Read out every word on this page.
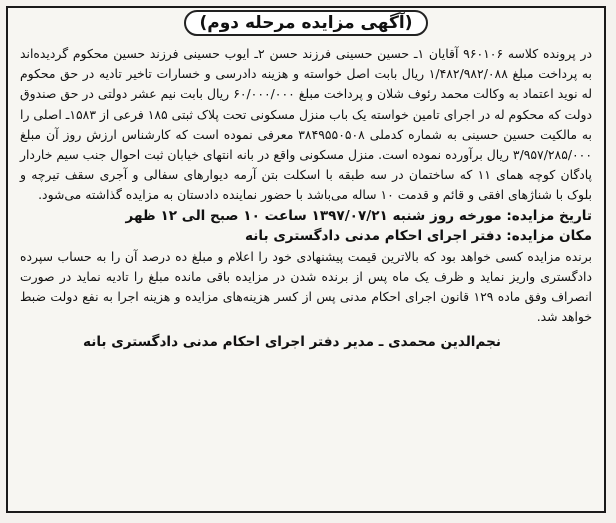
(آگهی مزایده مرحله دوم)
در پرونده کلاسه ۹۶۰۱۰۶ آقایان ۱ـ حسین حسینی فرزند حسن ۲ـ ایوب حسینی فرزند حسین محکوم گردیده‌اند به پرداخت مبلغ ۱/۴۸۲/۹۸۲/۰۸۸ ریال بابت اصل خواسته و هزینه دادرسی و خسارات تاخیر تادیه در حق محکوم له نوید اعتماد به وکالت محمد رئوف شلان و پرداخت مبلغ ۶۰/۰۰۰/۰۰۰ ریال بابت نیم عشر دولتی در حق صندوق دولت که محکوم له در اجرای تامین خواسته یک باب منزل مسکونی تحت پلاک ثبتی ۱۸۵ فرعی از ۱۵۸۳ـ اصلی را به مالکیت حسین حسینی به شماره کدملی ۳۸۴۹۵۵۰۵۰۸ معرفی نموده است که کارشناس ارزش روز آن مبلغ ۳/۹۵۷/۲۸۵/۰۰۰ ریال برآورده نموده است. منزل مسکونی واقع در بانه انتهای خیابان ثبت احوال جنب سیم خاردار پادگان کوچه همای ۱۱ که ساختمان در سه طبقه با اسکلت بتن آرمه دیوارهای سفالی و آجری سقف تیرچه و بلوک با شناژهای افقی و قائم و قدمت ۱۰ ساله می‌باشد با حضور نماینده دادستان به مزایده گذاشته می‌شود.
تاریخ مزایده: مورخه روز شنبه ۱۳۹۷/۰۷/۲۱ ساعت ۱۰ صبح الی ۱۲ ظهر
مکان مزایده: دفتر اجرای احکام مدنی دادگستری بانه
برنده مزایده کسی خواهد بود که بالاترین قیمت پیشنهادی خود را اعلام و مبلغ ده درصد آن را به حساب سپرده دادگستری واریز نماید و ظرف یک ماه پس از برنده شدن در مزایده باقی مانده مبلغ را تادیه نماید در صورت انصراف وفق ماده ۱۲۹ قانون اجرای احکام مدنی پس از کسر هزینه‌های مزایده و هزینه اجرا به نفع دولت ضبط خواهد شد.
نجم‌الدین محمدی ـ مدیر دفتر اجرای احکام مدنی دادگستری بانه
